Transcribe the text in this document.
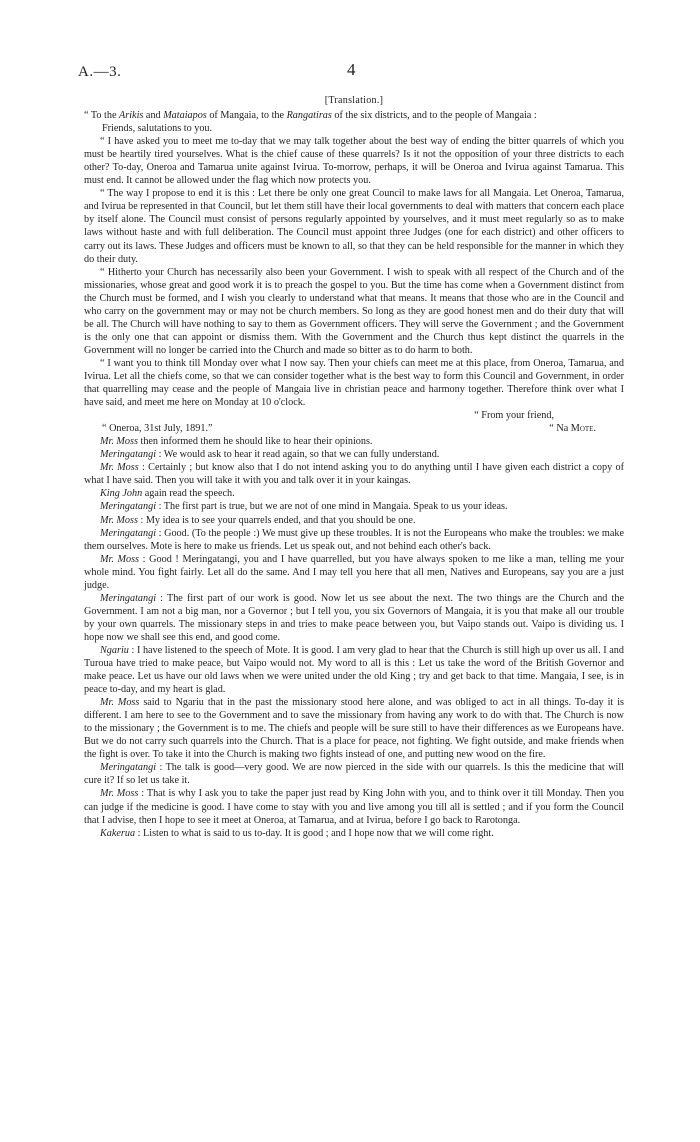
A.—3.	4
[Translation.]

“ To the Arikis and Mataiapos of Mangaia, to the Rangatiras of the six districts, and to the people of Mangaia :

Friends, salutations to you.

“ I have asked you to meet me to-day that we may talk together about the best way of ending the bitter quarrels of which you must be heartily tired yourselves. What is the chief cause of these quarrels? Is it not the opposition of your three districts to each other? To-day, Oneroa and Tamarua unite against Ivirua. To-morrow, perhaps, it will be Oneroa and Ivirua against Tamarua. This must end. It cannot be allowed under the flag which now protects you.

“ The way I propose to end it is this : Let there be only one great Council to make laws for all Mangaia. Let Oneroa, Tamarua, and Ivirua be represented in that Council, but let them still have their local governments to deal with matters that concern each place by itself alone. The Council must consist of persons regularly appointed by yourselves, and it must meet regularly so as to make laws without haste and with full deliberation. The Council must appoint three Judges (one for each district) and other officers to carry out its laws. These Judges and officers must be known to all, so that they can be held responsible for the manner in which they do their duty.

“ Hitherto your Church has necessarily also been your Government. I wish to speak with all respect of the Church and of the missionaries, whose great and good work it is to preach the gospel to you. But the time has come when a Government distinct from the Church must be formed, and I wish you clearly to understand what that means. It means that those who are in the Council and who carry on the government may or may not be church members. So long as they are good honest men and do their duty that will be all. The Church will have nothing to say to them as Government officers. They will serve the Government ; and the Government is the only one that can appoint or dismiss them. With the Government and the Church thus kept distinct the quarrels in the Government will no longer be carried into the Church and made so bitter as to do harm to both.

“ I want you to think till Monday over what I now say. Then your chiefs can meet me at this place, from Oneroa, Tamarua, and Ivirua. Let all the chiefs come, so that we can consider together what is the best way to form this Council and Government, in order that quarrelling may cease and the people of Mangaia live in christian peace and harmony together. Therefore think over what I have said, and meet me here on Monday at 10 o'clock.

“ From your friend,

“ Oneroa, 31st July, 1891.”	“ Na Mote.

Mr. Moss then informed them he should like to hear their opinions.

Meringatangi : We would ask to hear it read again, so that we can fully understand.

Mr. Moss : Certainly ; but know also that I do not intend asking you to do anything until I have given each district a copy of what I have said. Then you will take it with you and talk over it in your kaingas.

King John again read the speech.

Meringatangi : The first part is true, but we are not of one mind in Mangaia. Speak to us your ideas.

Mr. Moss : My idea is to see your quarrels ended, and that you should be one.

Meringatangi : Good. (To the people :) We must give up these troubles. It is not the Europeans who make the troubles: we make them ourselves. Mote is here to make us friends. Let us speak out, and not behind each other's back.

Mr. Moss : Good ! Meringatangi, you and I have quarrelled, but you have always spoken to me like a man, telling me your whole mind. You fight fairly. Let all do the same. And I may tell you here that all men, Natives and Europeans, say you are a just judge.

Meringatangi : The first part of our work is good. Now let us see about the next. The two things are the Church and the Government. I am not a big man, nor a Governor ; but I tell you, you six Governors of Mangaia, it is you that make all our trouble by your own quarrels. The missionary steps in and tries to make peace between you, but Vaipo stands out. Vaipo is dividing us. I hope now we shall see this end, and good come.

Ngariu : I have listened to the speech of Mote. It is good. I am very glad to hear that the Church is still high up over us all. I and Turoua have tried to make peace, but Vaipo would not. My word to all is this : Let us take the word of the British Governor and make peace. Let us have our old laws when we were united under the old King ; try and get back to that time. Mangaia, I see, is in peace to-day, and my heart is glad.

Mr. Moss said to Ngariu that in the past the missionary stood here alone, and was obliged to act in all things. To-day it is different. I am here to see to the Government and to save the missionary from having any work to do with that. The Church is now to the missionary ; the Government is to me. The chiefs and people will be sure still to have their differences as we Europeans have. But we do not carry such quarrels into the Church. That is a place for peace, not fighting. We fight outside, and make friends when the fight is over. To take it into the Church is making two fights instead of one, and putting new wood on the fire.

Meringatangi : The talk is good—very good. We are now pierced in the side with our quarrels. Is this the medicine that will cure it? If so let us take it.

Mr. Moss : That is why I ask you to take the paper just read by King John with you, and to think over it till Monday. Then you can judge if the medicine is good. I have come to stay with you and live among you till all is settled ; and if you form the Council that I advise, then I hope to see it meet at Oneroa, at Tamarua, and at Ivirua, before I go back to Rarotonga.

Kakerua : Listen to what is said to us to-day. It is good ; and I hope now that we will come right.
